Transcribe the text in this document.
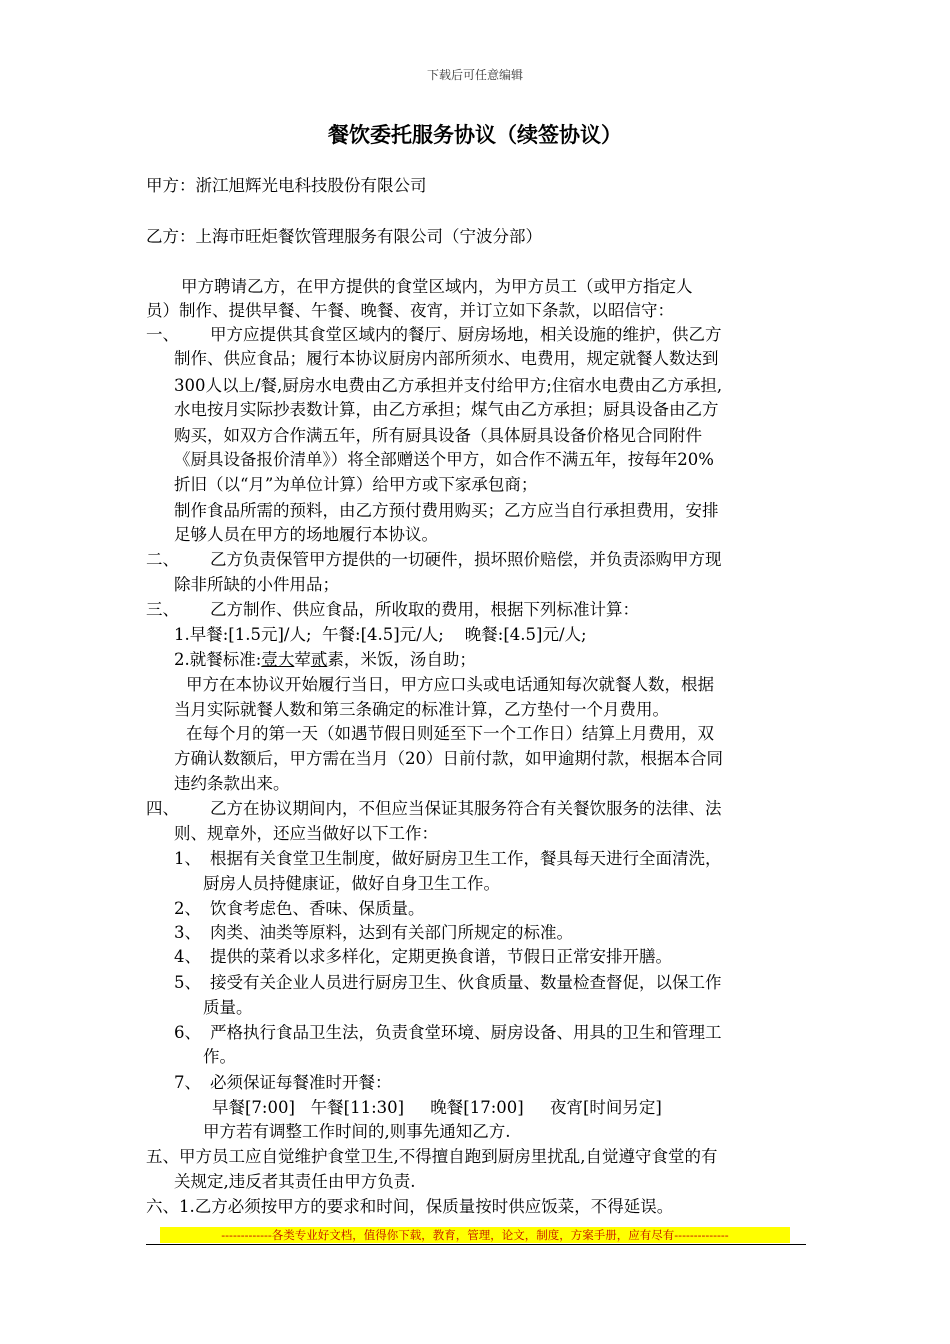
下载后可任意编辑
餐饮委托服务协议（续签协议）
甲方：浙江旭辉光电科技股份有限公司
乙方：上海市旺炬餐饮管理服务有限公司（宁波分部）
甲方聘请乙方，在甲方提供的食堂区域内，为甲方员工（或甲方指定人
员）制作、提供早餐、午餐、晚餐、夜宵，并订立如下条款，以昭信守：
一、 甲方应提供其食堂区域内的餐厅、厨房场地，相关设施的维护，供乙方
制作、供应食品；履行本协议厨房内部所须水、电费用，规定就餐人数达到
300人以上/餐,厨房水电费由乙方承担并支付给甲方;住宿水电费由乙方承担,
水电按月实际抄表数计算，由乙方承担；煤气由乙方承担；厨具设备由乙方
购买，如双方合作满五年，所有厨具设备（具体厨具设备价格见合同附件
《厨具设备报价清单》）将全部赠送个甲方，如合作不满五年，按每年20%
折旧（以“月”为单位计算）给甲方或下家承包商；
制作食品所需的预料，由乙方预付费用购买；乙方应当自行承担费用，安排
足够人员在甲方的场地履行本协议。
二、 乙方负责保管甲方提供的一切硬件，损坏照价赔偿，并负责添购甲方现
除非所缺的小件用品；
三、 乙方制作、供应食品，所收取的费用，根据下列标准计算：
1.早餐:[1.5元]/人;  午餐:[4.5]元/人;    晚餐:[4.5]元/人;
2.就餐标准:壹大荤贰素，米饭，汤自助；
甲方在本协议开始履行当日，甲方应口头或电话通知每次就餐人数，根据
当月实际就餐人数和第三条确定的标准计算，乙方垫付一个月费用。
在每个月的第一天（如遇节假日则延至下一个工作日）结算上月费用，双
方确认数额后，甲方需在当月（20）日前付款，如甲逾期付款，根据本合同
违约条款出来。
四、 乙方在协议期间内，不但应当保证其服务符合有关餐饮服务的法律、法
则、规章外，还应当做好以下工作：
1、 根据有关食堂卫生制度，做好厨房卫生工作，餐具每天进行全面清洗，
厨房人员持健康证，做好自身卫生工作。
2、 饮食考虑色、香味、保质量。
3、 肉类、油类等原料，达到有关部门所规定的标准。
4、 提供的菜肴以求多样化，定期更换食谱，节假日正常安排开膳。
5、 接受有关企业人员进行厨房卫生、伙食质量、数量检查督促，以保工作
质量。
6、 严格执行食品卫生法，负责食堂环境、厨房设备、用具的卫生和管理工
作。
7、 必须保证每餐准时开餐：
早餐[7:00]   午餐[11:30]     晚餐[17:00]     夜宵[时间另定]
甲方若有调整工作时间的,则事先通知乙方.
五、甲方员工应自觉维护食堂卫生,不得擅自跑到厨房里扰乱,自觉遵守食堂的有
关规定,违反者其责任由甲方负责.
六、1.乙方必须按甲方的要求和时间，保质量按时供应饭菜，不得延误。
-------------各类专业好文档，值得你下载，教育，管理，论文，制度，方案手册，应有尽有--------------
